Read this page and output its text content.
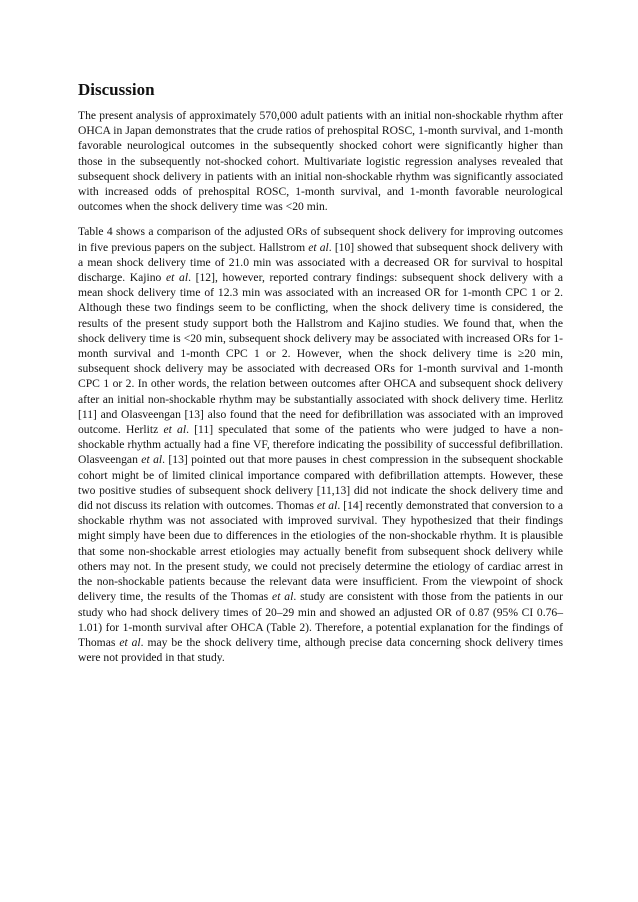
Discussion

The present analysis of approximately 570,000 adult patients with an initial non-shockable rhythm after OHCA in Japan demonstrates that the crude ratios of prehospital ROSC, 1-month survival, and 1-month favorable neurological outcomes in the subsequently shocked cohort were significantly higher than those in the subsequently not-shocked cohort. Multivariate logistic regression analyses revealed that subsequent shock delivery in patients with an initial non-shockable rhythm was significantly associated with increased odds of prehospital ROSC, 1-month survival, and 1-month favorable neurological outcomes when the shock delivery time was <20 min.

Table 4 shows a comparison of the adjusted ORs of subsequent shock delivery for improving outcomes in five previous papers on the subject. Hallstrom et al. [10] showed that subsequent shock delivery with a mean shock delivery time of 21.0 min was associated with a decreased OR for survival to hospital discharge. Kajino et al. [12], however, reported contrary findings: subsequent shock delivery with a mean shock delivery time of 12.3 min was associated with an increased OR for 1-month CPC 1 or 2. Although these two findings seem to be conflicting, when the shock delivery time is considered, the results of the present study support both the Hallstrom and Kajino studies. We found that, when the shock delivery time is <20 min, subsequent shock delivery may be associated with increased ORs for 1-month survival and 1-month CPC 1 or 2. However, when the shock delivery time is ≥20 min, subsequent shock delivery may be associated with decreased ORs for 1-month survival and 1-month CPC 1 or 2. In other words, the relation between outcomes after OHCA and subsequent shock delivery after an initial non-shockable rhythm may be substantially associated with shock delivery time. Herlitz [11] and Olasveengan [13] also found that the need for defibrillation was associated with an improved outcome. Herlitz et al. [11] speculated that some of the patients who were judged to have a non-shockable rhythm actually had a fine VF, therefore indicating the possibility of successful defibrillation. Olasveengan et al. [13] pointed out that more pauses in chest compression in the subsequent shockable cohort might be of limited clinical importance compared with defibrillation attempts. However, these two positive studies of subsequent shock delivery [11,13] did not indicate the shock delivery time and did not discuss its relation with outcomes. Thomas et al. [14] recently demonstrated that conversion to a shockable rhythm was not associated with improved survival. They hypothesized that their findings might simply have been due to differences in the etiologies of the non-shockable rhythm. It is plausible that some non-shockable arrest etiologies may actually benefit from subsequent shock delivery while others may not. In the present study, we could not precisely determine the etiology of cardiac arrest in the non-shockable patients because the relevant data were insufficient. From the viewpoint of shock delivery time, the results of the Thomas et al. study are consistent with those from the patients in our study who had shock delivery times of 20–29 min and showed an adjusted OR of 0.87 (95% CI 0.76–1.01) for 1-month survival after OHCA (Table 2). Therefore, a potential explanation for the findings of Thomas et al. may be the shock delivery time, although precise data concerning shock delivery times were not provided in that study.
